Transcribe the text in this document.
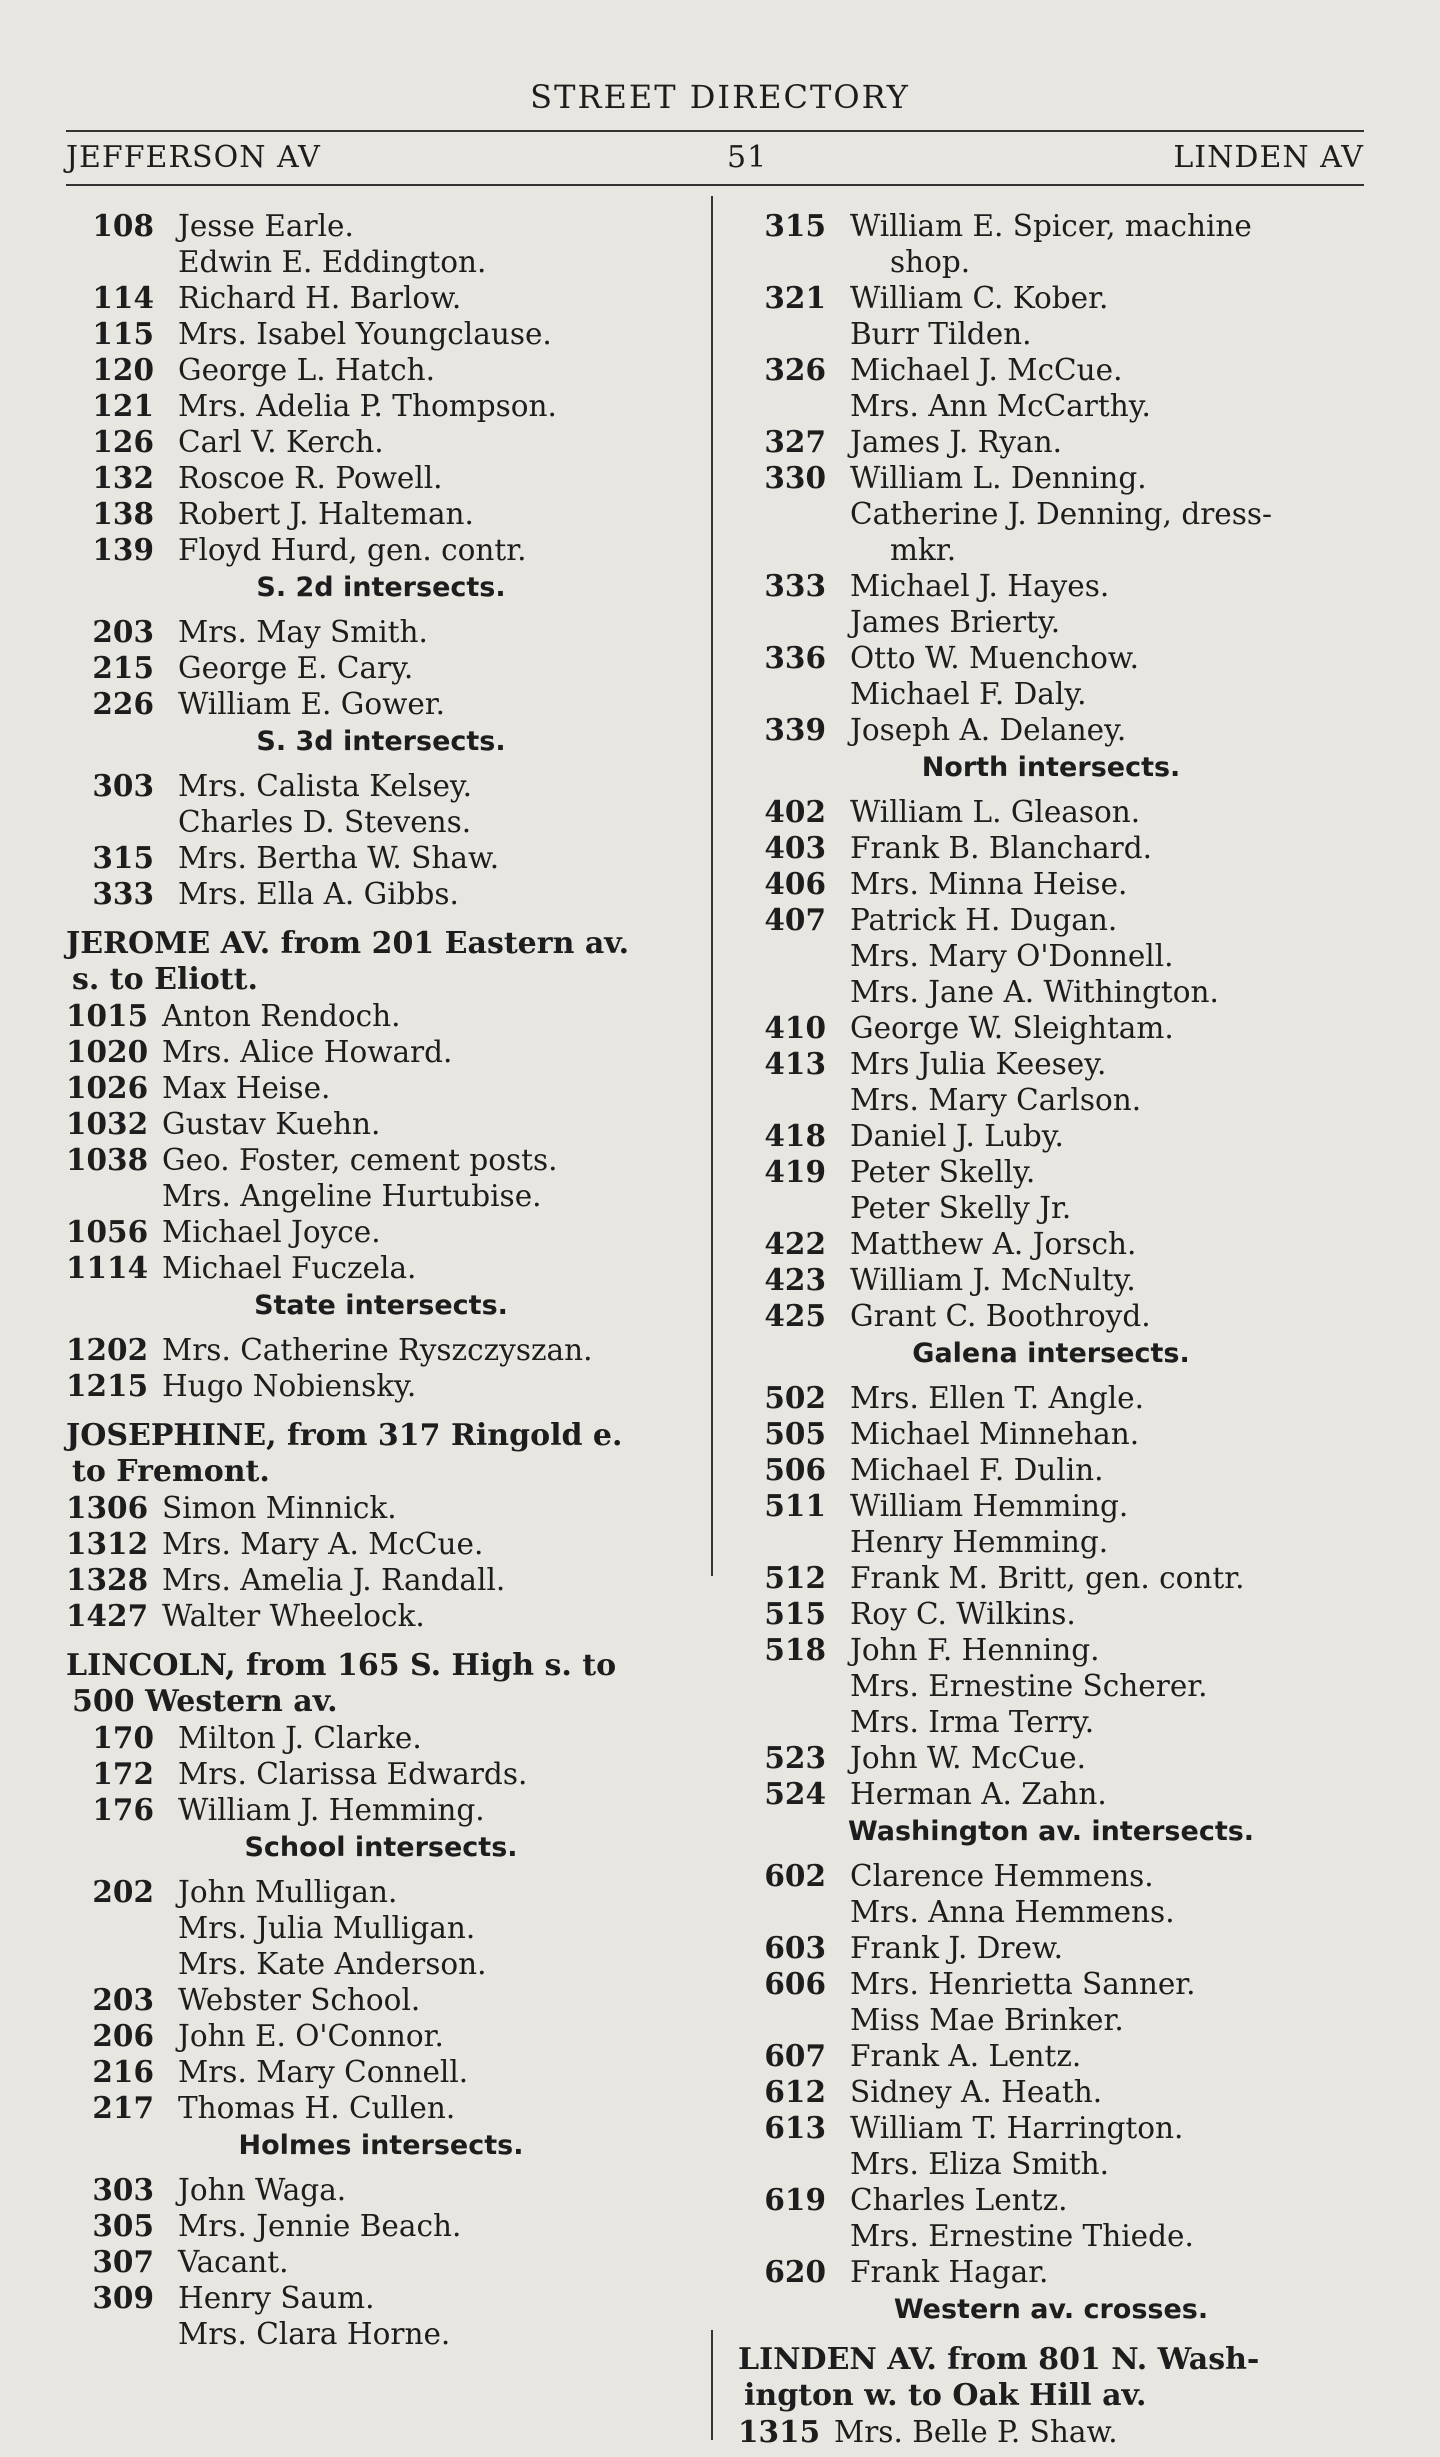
STREET DIRECTORY
JEFFERSON AV	51	LINDEN AV
108 Jesse Earle.
Edwin E. Eddington.
114 Richard H. Barlow.
115 Mrs. Isabel Youngclause.
120 George L. Hatch.
121 Mrs. Adelia P. Thompson.
126 Carl V. Kerch.
132 Roscoe R. Powell.
138 Robert J. Halteman.
139 Floyd Hurd, gen. contr.
S. 2d intersects.
203 Mrs. May Smith.
215 George E. Cary.
226 William E. Gower.
S. 3d intersects.
303 Mrs. Calista Kelsey.
Charles D. Stevens.
315 Mrs. Bertha W. Shaw.
333 Mrs. Ella A. Gibbs.
JEROME AV. from 201 Eastern av.
s. to Eliott.
1015 Anton Rendoch.
1020 Mrs. Alice Howard.
1026 Max Heise.
1032 Gustav Kuehn.
1038 Geo. Foster, cement posts.
Mrs. Angeline Hurtubise.
1056 Michael Joyce.
1114 Michael Fuczela.
State intersects.
1202 Mrs. Catherine Ryszczyszan.
1215 Hugo Nobiensky.
JOSEPHINE, from 317 Ringold e.
to Fremont.
1306 Simon Minnick.
1312 Mrs. Mary A. McCue.
1328 Mrs. Amelia J. Randall.
1427 Walter Wheelock.
LINCOLN, from 165 S. High s. to
500 Western av.
170 Milton J. Clarke.
172 Mrs. Clarissa Edwards.
176 William J. Hemming.
School intersects.
202 John Mulligan.
Mrs. Julia Mulligan.
Mrs. Kate Anderson.
203 Webster School.
206 John E. O'Connor.
216 Mrs. Mary Connell.
217 Thomas H. Cullen.
Holmes intersects.
303 John Waga.
305 Mrs. Jennie Beach.
307 Vacant.
309 Henry Saum.
Mrs. Clara Horne.
315 William E. Spicer, machine
shop.
321 William C. Kober.
Burr Tilden.
326 Michael J. McCue.
Mrs. Ann McCarthy.
327 James J. Ryan.
330 William L. Denning.
Catherine J. Denning, dress-
mkr.
333 Michael J. Hayes.
James Brierty.
336 Otto W. Muenchow.
Michael F. Daly.
339 Joseph A. Delaney.
North intersects.
402 William L. Gleason.
403 Frank B. Blanchard.
406 Mrs. Minna Heise.
407 Patrick H. Dugan.
Mrs. Mary O'Donnell.
Mrs. Jane A. Withington.
410 George W. Sleightam.
413 Mrs Julia Keesey.
Mrs. Mary Carlson.
418 Daniel J. Luby.
419 Peter Skelly.
Peter Skelly Jr.
422 Matthew A. Jorsch.
423 William J. McNulty.
425 Grant C. Boothroyd.
Galena intersects.
502 Mrs. Ellen T. Angle.
505 Michael Minnehan.
506 Michael F. Dulin.
511 William Hemming.
Henry Hemming.
512 Frank M. Britt, gen. contr.
515 Roy C. Wilkins.
518 John F. Henning.
Mrs. Ernestine Scherer.
Mrs. Irma Terry.
523 John W. McCue.
524 Herman A. Zahn.
Washington av. intersects.
602 Clarence Hemmens.
Mrs. Anna Hemmens.
603 Frank J. Drew.
606 Mrs. Henrietta Sanner.
Miss Mae Brinker.
607 Frank A. Lentz.
612 Sidney A. Heath.
613 William T. Harrington.
Mrs. Eliza Smith.
619 Charles Lentz.
Mrs. Ernestine Thiede.
620 Frank Hagar.
Western av. crosses.
LINDEN AV. from 801 N. Wash-
ington w. to Oak Hill av.
1315 Mrs. Belle P. Shaw.
